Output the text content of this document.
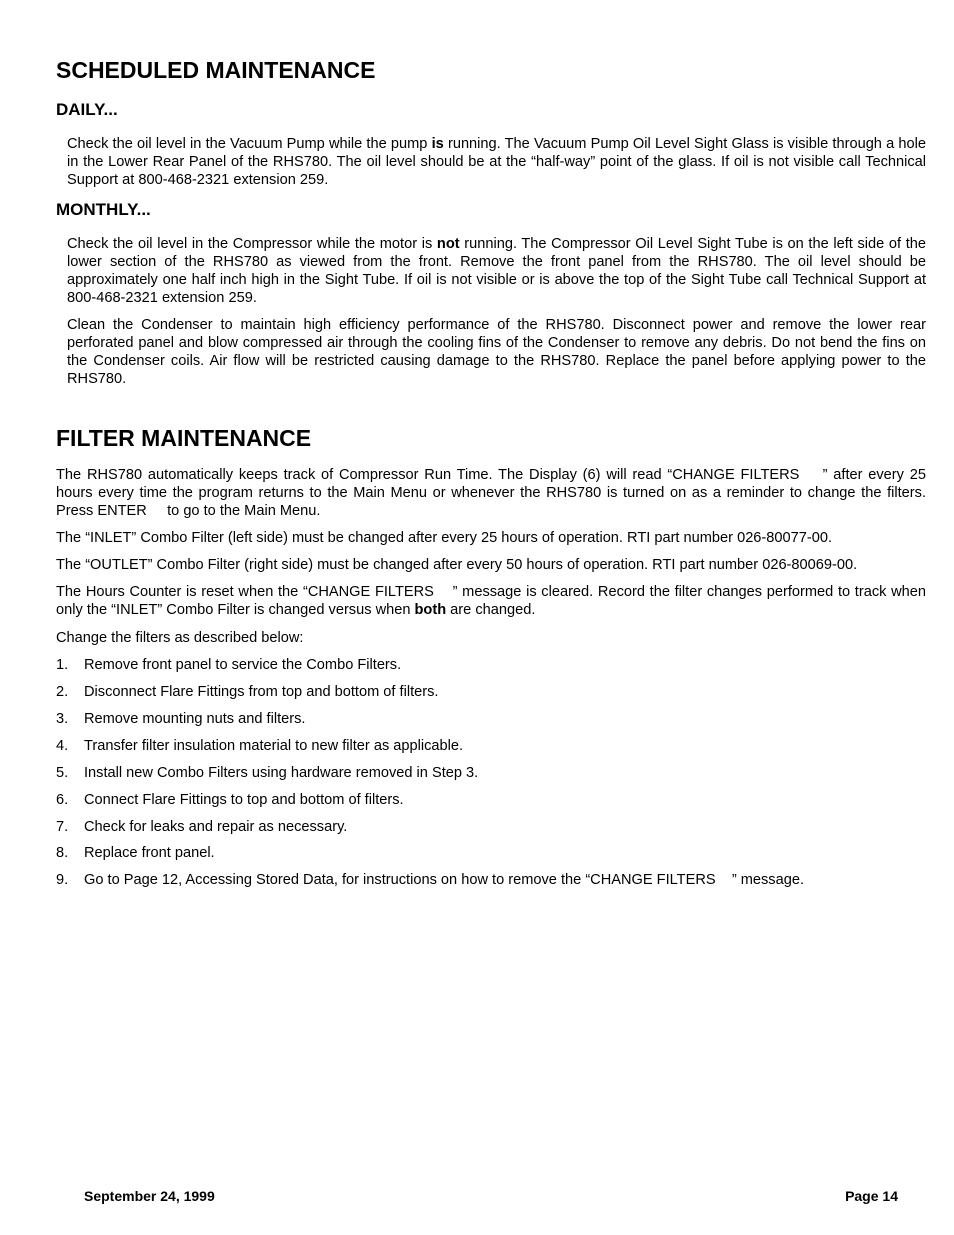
SCHEDULED MAINTENANCE
DAILY...

Check the oil level in the Vacuum Pump while the pump is running. The Vacuum Pump Oil Level Sight Glass is visible through a hole in the Lower Rear Panel of the RHS780. The oil level should be at the “half-way” point of the glass. If oil is not visible call Technical Support at 800-468-2321 extension 259.

MONTHLY...

Check the oil level in the Compressor while the motor is not running. The Compressor Oil Level Sight Tube is on the left side of the lower section of the RHS780 as viewed from the front. Remove the front panel from the RHS780. The oil level should be approximately one half inch high in the Sight Tube. If oil is not visible or is above the top of the Sight Tube call Technical Support at 800-468-2321 extension 259.

Clean the Condenser to maintain high efficiency performance of the RHS780. Disconnect power and remove the lower rear perforated panel and blow compressed air through the cooling fins of the Condenser to remove any debris. Do not bend the fins on the Condenser coils. Air flow will be restricted causing damage to the RHS780. Replace the panel before applying power to the RHS780.

FILTER MAINTENANCE

The RHS780 automatically keeps track of Compressor Run Time. The Display (6) will read “CHANGE FILTERS    ” after every 25 hours every time the program returns to the Main Menu or whenever the RHS780 is turned on as a reminder to change the filters. Press ENTER     to go to the Main Menu.

The “INLET” Combo Filter (left side) must be changed after every 25 hours of operation. RTI part number 026-80077-00.

The “OUTLET” Combo Filter (right side) must be changed after every 50 hours of operation. RTI part number 026-80069-00.

The Hours Counter is reset when the “CHANGE FILTERS    ” message is cleared. Record the filter changes performed to track when only the “INLET” Combo Filter is changed versus when both are changed.

Change the filters as described below:

1.	Remove front panel to service the Combo Filters.
2.	Disconnect Flare Fittings from top and bottom of filters.
3.	Remove mounting nuts and filters.
4.	Transfer filter insulation material to new filter as applicable.
5.	Install new Combo Filters using hardware removed in Step 3.
6.	Connect Flare Fittings to top and bottom of filters.
7.	Check for leaks and repair as necessary.
8.	Replace front panel.
9.	Go to Page 12, Accessing Stored Data, for instructions on how to remove the “CHANGE FILTERS    ” message.
September 24, 1999	Page 14
